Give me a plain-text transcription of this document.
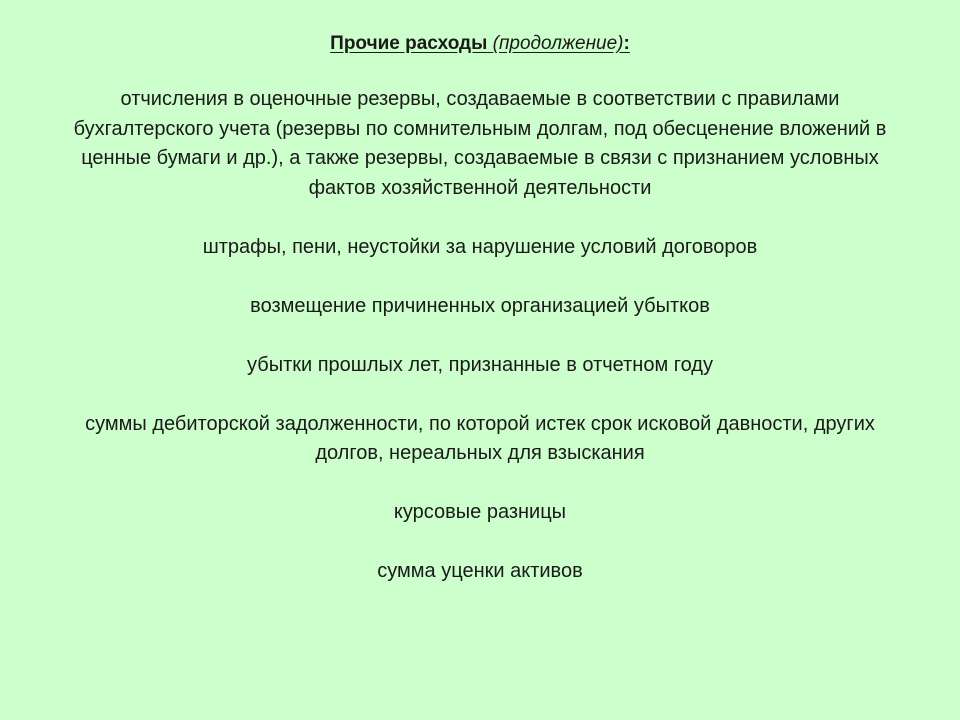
Прочие расходы (продолжение):

отчисления в оценочные резервы, создаваемые в соответствии с правилами бухгалтерского учета (резервы по сомнительным долгам, под обесценение вложений в ценные бумаги и др.), а также резервы, создаваемые в связи с признанием условных фактов хозяйственной деятельности

штрафы, пени, неустойки за нарушение условий договоров

возмещение причиненных организацией убытков

убытки прошлых лет, признанные в отчетном году

суммы дебиторской задолженности, по которой истек срок исковой давности, других долгов, нереальных для взыскания

курсовые разницы

сумма уценки активов
